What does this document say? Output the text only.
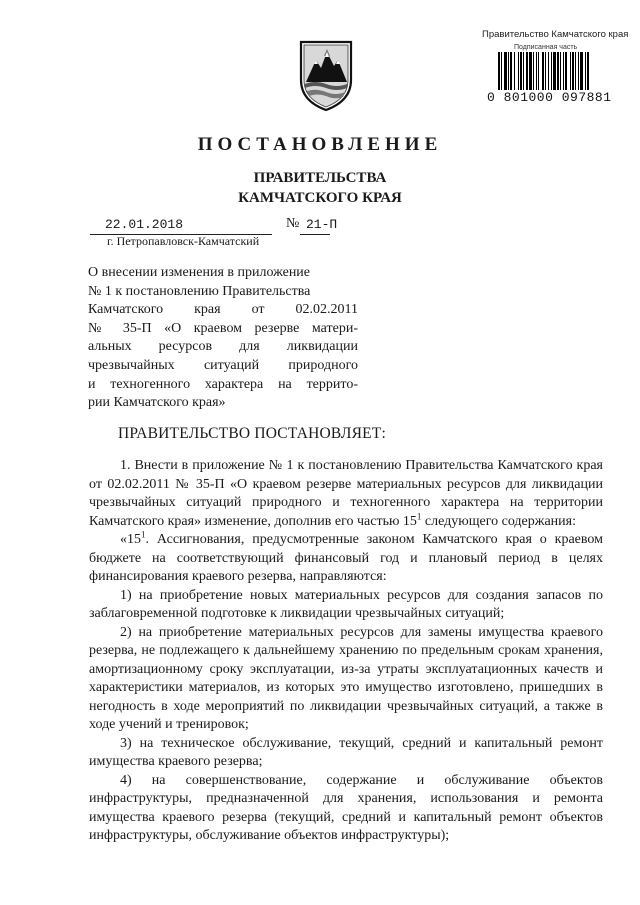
Правительство Камчатского края
Подписанная часть
0 801000 097881
ПОСТАНОВЛЕНИЕ
ПРАВИТЕЛЬСТВА
КАМЧАТСКОГО КРАЯ
22.01.2018	№ 21-П
г. Петропавловск-Камчатский
О внесении изменения в приложение
№ 1 к постановлению Правительства
Камчатского края от 02.02.2011
№ 35-П «О краевом резерве матери-
альных ресурсов для ликвидации
чрезвычайных ситуаций природного
и техногенного характера на террито-
рии Камчатского края»
ПРАВИТЕЛЬСТВО ПОСТАНОВЛЯЕТ:

1. Внести в приложение № 1 к постановлению Правительства Камчатского края от 02.02.2011 № 35-П «О краевом резерве материальных ресурсов для ликвидации чрезвычайных ситуаций природного и техногенного характера на территории Камчатского края» изменение, дополнив его частью $15^1$ следующего содержания:

«$15^1$. Ассигнования, предусмотренные законом Камчатского края о краевом бюджете на соответствующий финансовый год и плановый период в целях финансирования краевого резерва, направляются:

1) на приобретение новых материальных ресурсов для создания запасов по заблаговременной подготовке к ликвидации чрезвычайных ситуаций;

2) на приобретение материальных ресурсов для замены имущества краевого резерва, не подлежащего к дальнейшему хранению по предельным срокам хранения, амортизационному сроку эксплуатации, из-за утраты эксплуатационных качеств и характеристики материалов, из которых это имущество изготовлено, пришедших в негодность в ходе мероприятий по ликвидации чрезвычайных ситуаций, а также в ходе учений и тренировок;

3) на техническое обслуживание, текущий, средний и капитальный ремонт имущества краевого резерва;

4) на совершенствование, содержание и обслуживание объектов инфраструктуры, предназначенной для хранения, использования и ремонта имущества краевого резерва (текущий, средний и капитальный ремонт объектов инфраструктуры, обслуживание объектов инфраструктуры);
